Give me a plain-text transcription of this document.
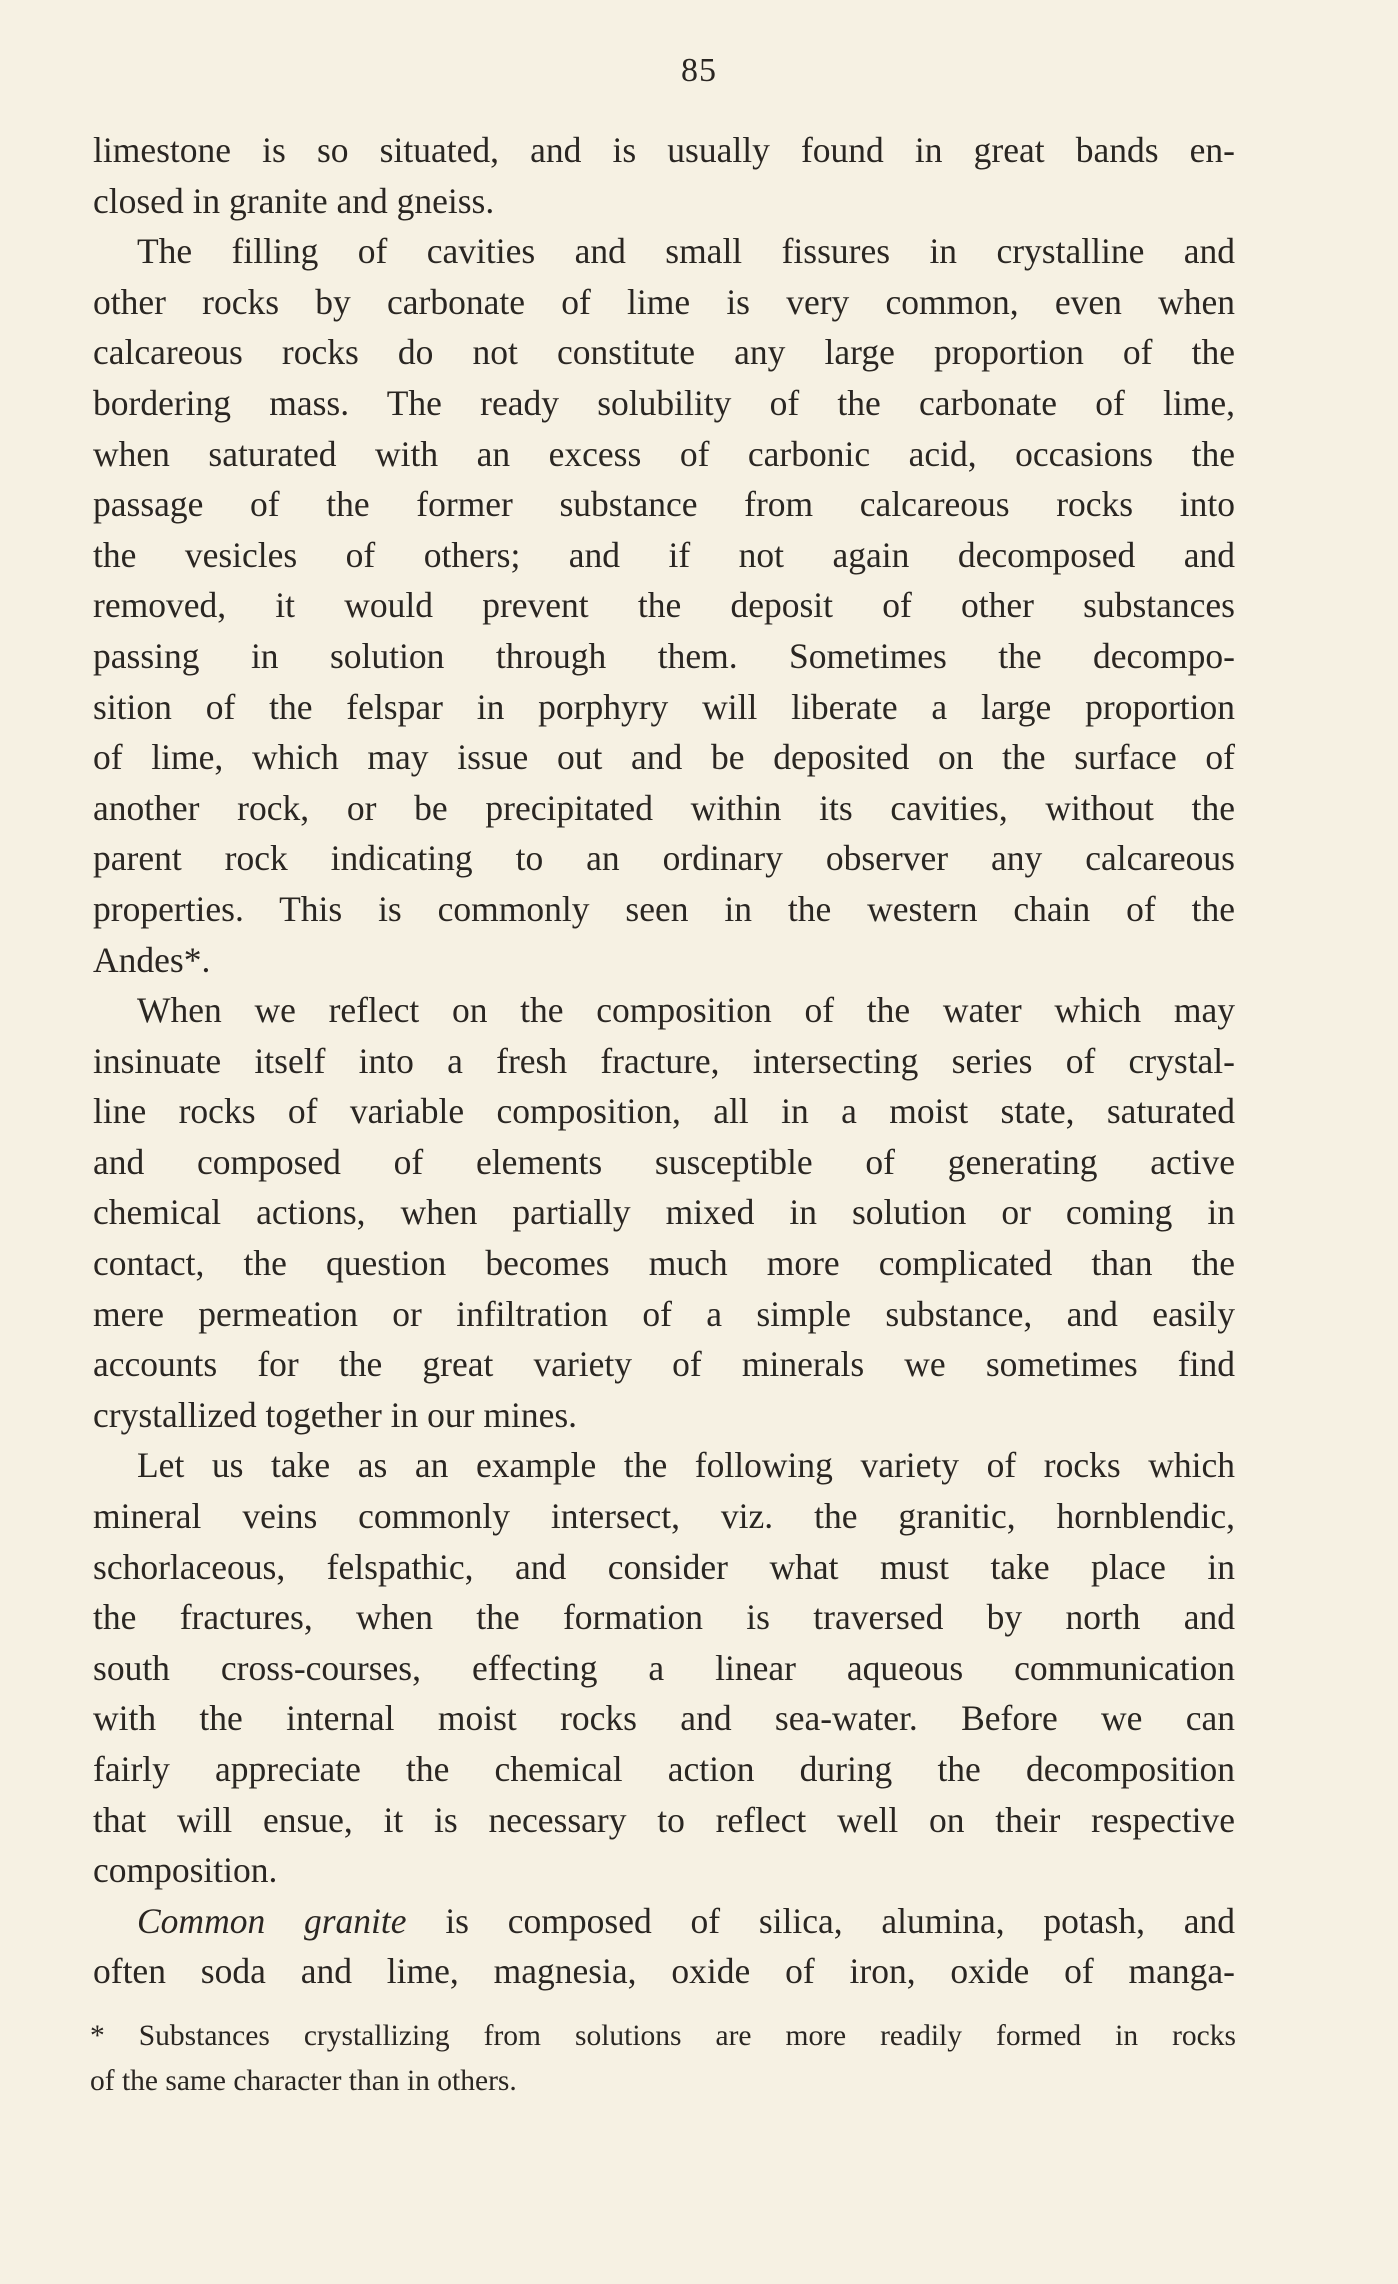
85
limestone is so situated, and is usually found in great bands en-
closed in granite and gneiss.
The filling of cavities and small fissures in crystalline and
other rocks by carbonate of lime is very common, even when
calcareous rocks do not constitute any large proportion of the
bordering mass. The ready solubility of the carbonate of lime,
when saturated with an excess of carbonic acid, occasions the
passage of the former substance from calcareous rocks into
the vesicles of others; and if not again decomposed and
removed, it would prevent the deposit of other substances
passing in solution through them. Sometimes the decompo-
sition of the felspar in porphyry will liberate a large proportion
of lime, which may issue out and be deposited on the surface of
another rock, or be precipitated within its cavities, without the
parent rock indicating to an ordinary observer any calcareous
properties. This is commonly seen in the western chain of the
Andes*.
When we reflect on the composition of the water which may
insinuate itself into a fresh fracture, intersecting series of crystal-
line rocks of variable composition, all in a moist state, saturated
and composed of elements susceptible of generating active
chemical actions, when partially mixed in solution or coming in
contact, the question becomes much more complicated than the
mere permeation or infiltration of a simple substance, and easily
accounts for the great variety of minerals we sometimes find
crystallized together in our mines.
Let us take as an example the following variety of rocks which
mineral veins commonly intersect, viz. the granitic, hornblendic,
schorlaceous, felspathic, and consider what must take place in
the fractures, when the formation is traversed by north and
south cross-courses, effecting a linear aqueous communication
with the internal moist rocks and sea-water. Before we can
fairly appreciate the chemical action during the decomposition
that will ensue, it is necessary to reflect well on their respective
composition.
Common granite is composed of silica, alumina, potash, and
often soda and lime, magnesia, oxide of iron, oxide of manga-
* Substances crystallizing from solutions are more readily formed in rocks
of the same character than in others.
